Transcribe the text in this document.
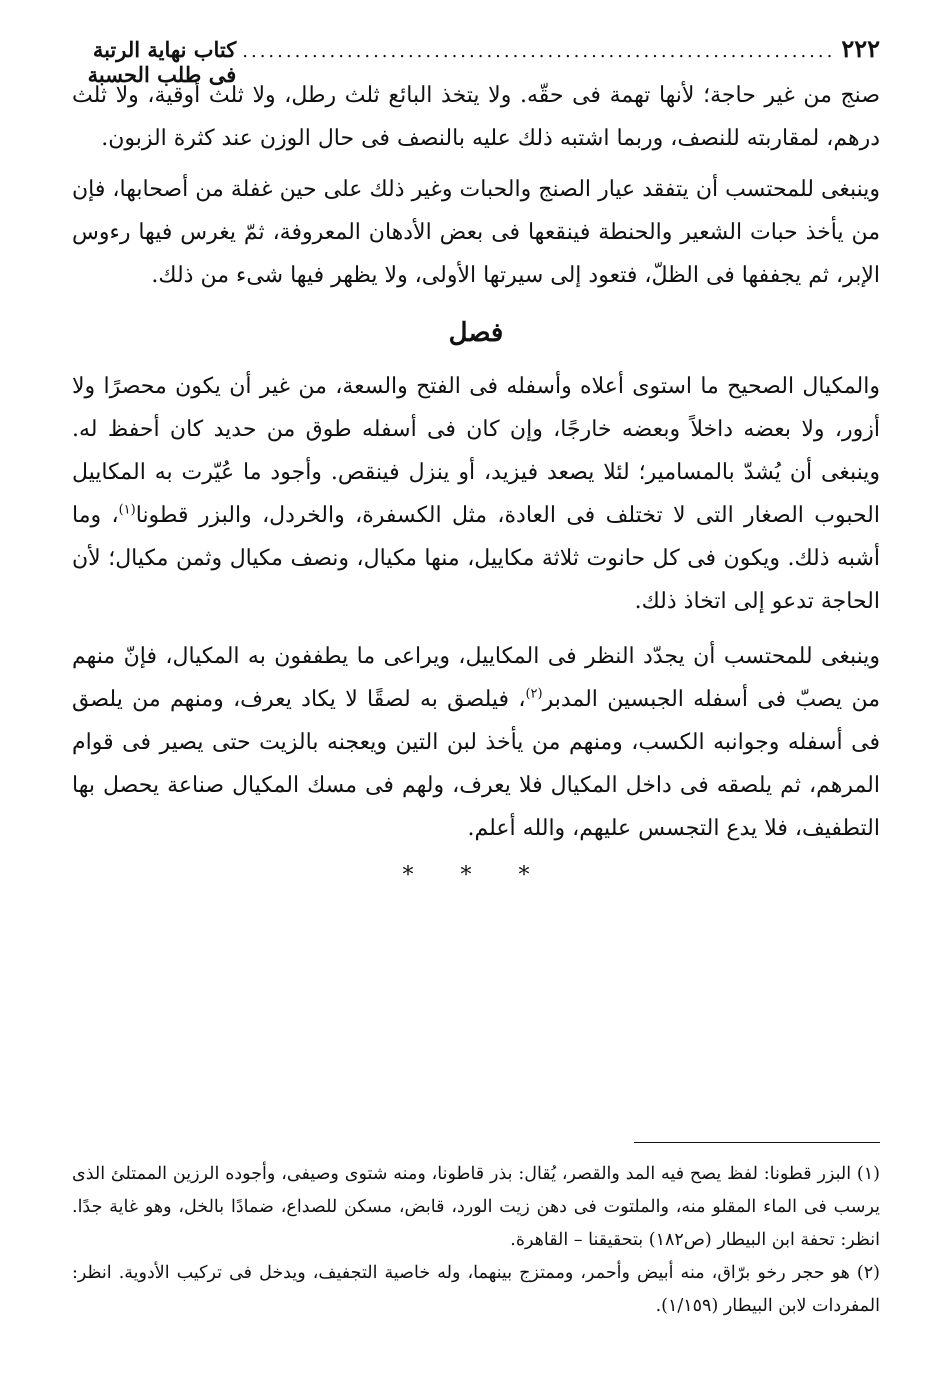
٢٢٢
....................................................................
كتاب نهاية الرتبة فى طلب الحسبة

صنج من غير حاجة؛ لأنها تهمة فى حقّه. ولا يتخذ البائع ثلث رطل، ولا ثلث أوقية، ولا ثلث درهم، لمقاربته للنصف، وربما اشتبه ذلك عليه بالنصف فى حال الوزن عند كثرة الزبون.

وينبغى للمحتسب أن يتفقد عيار الصنج والحبات وغير ذلك على حين غفلة من أصحابها، فإن من يأخذ حبات الشعير والحنطة فينقعها فى بعض الأدهان المعروفة، ثمّ يغرس فيها رءوس الإبر، ثم يجففها فى الظلّ، فتعود إلى سيرتها الأولى، ولا يظهر فيها شىء من ذلك.

فصل

والمكيال الصحيح ما استوى أعلاه وأسفله فى الفتح والسعة، من غير أن يكون محصرًا ولا أزور، ولا بعضه داخلاً وبعضه خارجًا، وإن كان فى أسفله طوق من حديد كان أحفظ له. وينبغى أن يُشدّ بالمسامير؛ لئلا يصعد فيزيد، أو ينزل فينقص. وأجود ما عُيّرت به المكاييل الحبوب الصغار التى لا تختلف فى العادة، مثل الكسفرة، والخردل، والبزر قطونا$^{(١)}$، وما أشبه ذلك. ويكون فى كل حانوت ثلاثة مكاييل، منها مكيال، ونصف مكيال وثمن مكيال؛ لأن الحاجة تدعو إلى اتخاذ ذلك.

وينبغى للمحتسب أن يجدّد النظر فى المكاييل، ويراعى ما يطففون به المكيال، فإنّ منهم من يصبّ فى أسفله الجبسين المدبر$^{(٢)}$، فيلصق به لصقًا لا يكاد يعرف، ومنهم من يلصق فى أسفله وجوانبه الكسب، ومنهم من يأخذ لبن التين ويعجنه بالزيت حتى يصير فى قوام المرهم، ثم يلصقه فى داخل المكيال فلا يعرف، ولهم فى مسك المكيال صناعة يحصل بها التطفيف، فلا يدع التجسس عليهم، والله أعلم.

* * *

(١) البزر قطونا: لفظ يصح فيه المد والقصر، يُقال: بذر قاطونا، ومنه شتوى وصيفى، وأجوده الرزين الممتلئ الذى يرسب فى الماء المقلو منه، والملتوت فى دهن زيت الورد، قابض، مسكن للصداع، ضمادًا بالخل، وهو غاية جدًا. انظر: تحفة ابن البيطار (ص١٨٢) بتحقيقنا – القاهرة.

(٢) هو حجر رخو برّاق، منه أبيض وأحمر، وممتزج بينهما، وله خاصية التجفيف، ويدخل فى تركيب الأدوية. انظر: المفردات لابن البيطار (١/١٥٩).
